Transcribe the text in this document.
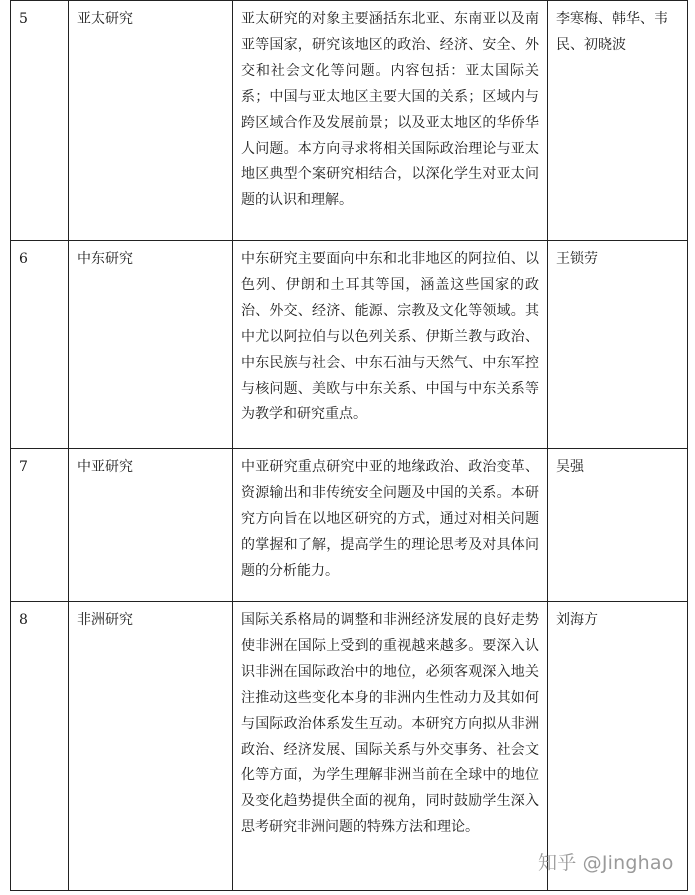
5	亚太研究	亚太研究的对象主要涵括东北亚、东南亚以及南亚等国家，研究该地区的政治、经济、安全、外交和社会文化等问题。内容包括：亚太国际关系；中国与亚太地区主要大国的关系；区域内与跨区域合作及发展前景；以及亚太地区的华侨华人问题。本方向寻求将相关国际政治理论与亚太地区典型个案研究相结合，以深化学生对亚太问题的认识和理解。	李寒梅、韩华、韦民、初晓波
6	中东研究	中东研究主要面向中东和北非地区的阿拉伯、以色列、伊朗和土耳其等国，涵盖这些国家的政治、外交、经济、能源、宗教及文化等领域。其中尤以阿拉伯与以色列关系、伊斯兰教与政治、中东民族与社会、中东石油与天然气、中东军控与核问题、美欧与中东关系、中国与中东关系等为教学和研究重点。	王锁劳
7	中亚研究	中亚研究重点研究中亚的地缘政治、政治变革、资源输出和非传统安全问题及中国的关系。本研究方向旨在以地区研究的方式，通过对相关问题的掌握和了解，提高学生的理论思考及对具体问题的分析能力。	吴强
8	非洲研究	国际关系格局的调整和非洲经济发展的良好走势使非洲在国际上受到的重视越来越多。要深入认识非洲在国际政治中的地位，必须客观深入地关注推动这些变化本身的非洲内生性动力及其如何与国际政治体系发生互动。本研究方向拟从非洲政治、经济发展、国际关系与外交事务、社会文化等方面，为学生理解非洲当前在全球中的地位及变化趋势提供全面的视角，同时鼓励学生深入思考研究非洲问题的特殊方法和理论。	刘海方
知乎 @Jinghao
